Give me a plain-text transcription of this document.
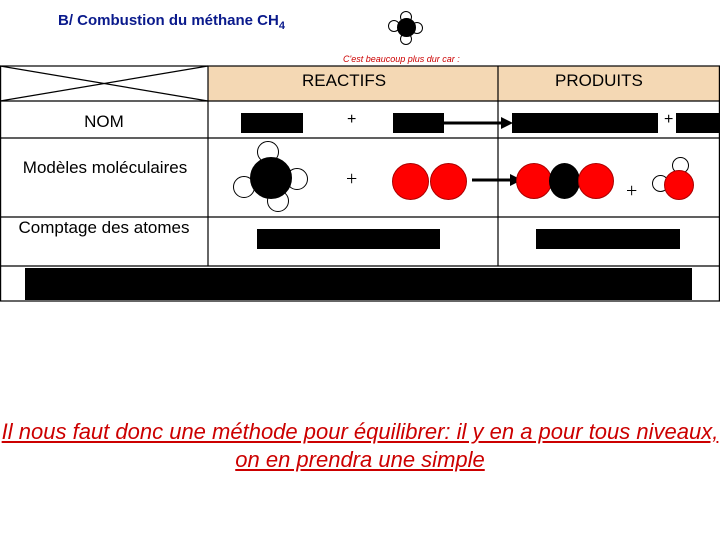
B/ Combustion du méthane $CH_4$
C'est beaucoup plus dur car :
REACTIFS	PRODUITS
NOM
Modèles moléculaires
Comptage des atomes
+	+
+
+
Il nous faut donc une méthode pour équilibrer: il y en a pour tous niveaux, on en prendra une simple
